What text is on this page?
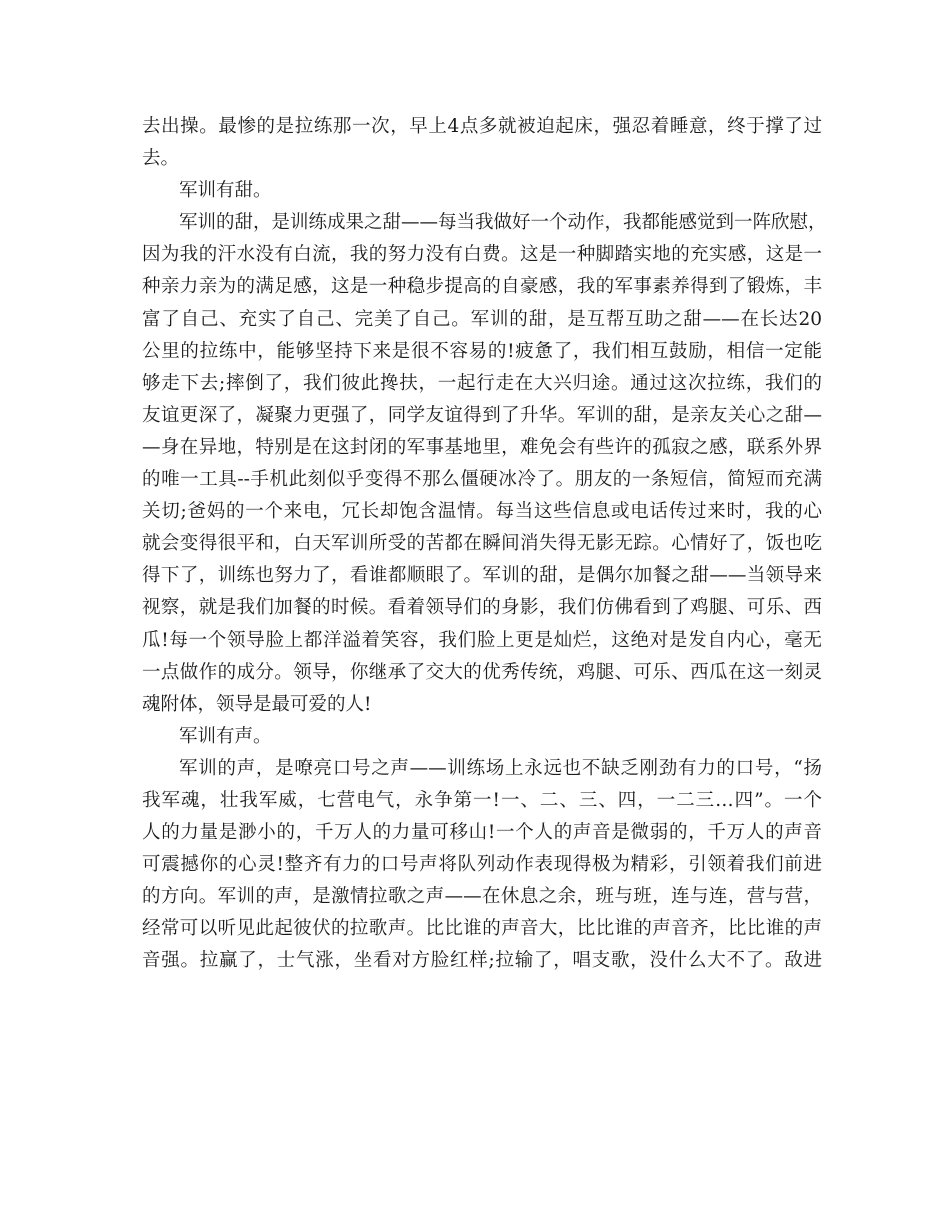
去出操。最惨的是拉练那一次，早上4点多就被迫起床，强忍着睡意，终于撑了过
去。
军训有甜。
军训的甜，是训练成果之甜——每当我做好一个动作，我都能感觉到一阵欣慰，
因为我的汗水没有白流，我的努力没有白费。这是一种脚踏实地的充实感，这是一
种亲力亲为的满足感，这是一种稳步提高的自豪感，我的军事素养得到了锻炼，丰
富了自己、充实了自己、完美了自己。军训的甜，是互帮互助之甜——在长达20
公里的拉练中，能够坚持下来是很不容易的!疲惫了，我们相互鼓励，相信一定能
够走下去;摔倒了，我们彼此搀扶，一起行走在大兴归途。通过这次拉练，我们的
友谊更深了，凝聚力更强了，同学友谊得到了升华。军训的甜，是亲友关心之甜—
—身在异地，特别是在这封闭的军事基地里，难免会有些许的孤寂之感，联系外界
的唯一工具--手机此刻似乎变得不那么僵硬冰冷了。朋友的一条短信，简短而充满
关切;爸妈的一个来电，冗长却饱含温情。每当这些信息或电话传过来时，我的心
就会变得很平和，白天军训所受的苦都在瞬间消失得无影无踪。心情好了，饭也吃
得下了，训练也努力了，看谁都顺眼了。军训的甜，是偶尔加餐之甜——当领导来
视察，就是我们加餐的时候。看着领导们的身影，我们仿佛看到了鸡腿、可乐、西
瓜!每一个领导脸上都洋溢着笑容，我们脸上更是灿烂，这绝对是发自内心，毫无
一点做作的成分。领导，你继承了交大的优秀传统，鸡腿、可乐、西瓜在这一刻灵
魂附体，领导是最可爱的人!
军训有声。
军训的声，是嘹亮口号之声——训练场上永远也不缺乏刚劲有力的口号，“扬
我军魂，壮我军威，七营电气，永争第一!一、二、三、四，一二三…四”。一个
人的力量是渺小的，千万人的力量可移山!一个人的声音是微弱的，千万人的声音
可震撼你的心灵!整齐有力的口号声将队列动作表现得极为精彩，引领着我们前进
的方向。军训的声，是激情拉歌之声——在休息之余，班与班，连与连，营与营，
经常可以听见此起彼伏的拉歌声。比比谁的声音大，比比谁的声音齐，比比谁的声
音强。拉赢了，士气涨，坐看对方脸红样;拉输了，唱支歌，没什么大不了。敌进
